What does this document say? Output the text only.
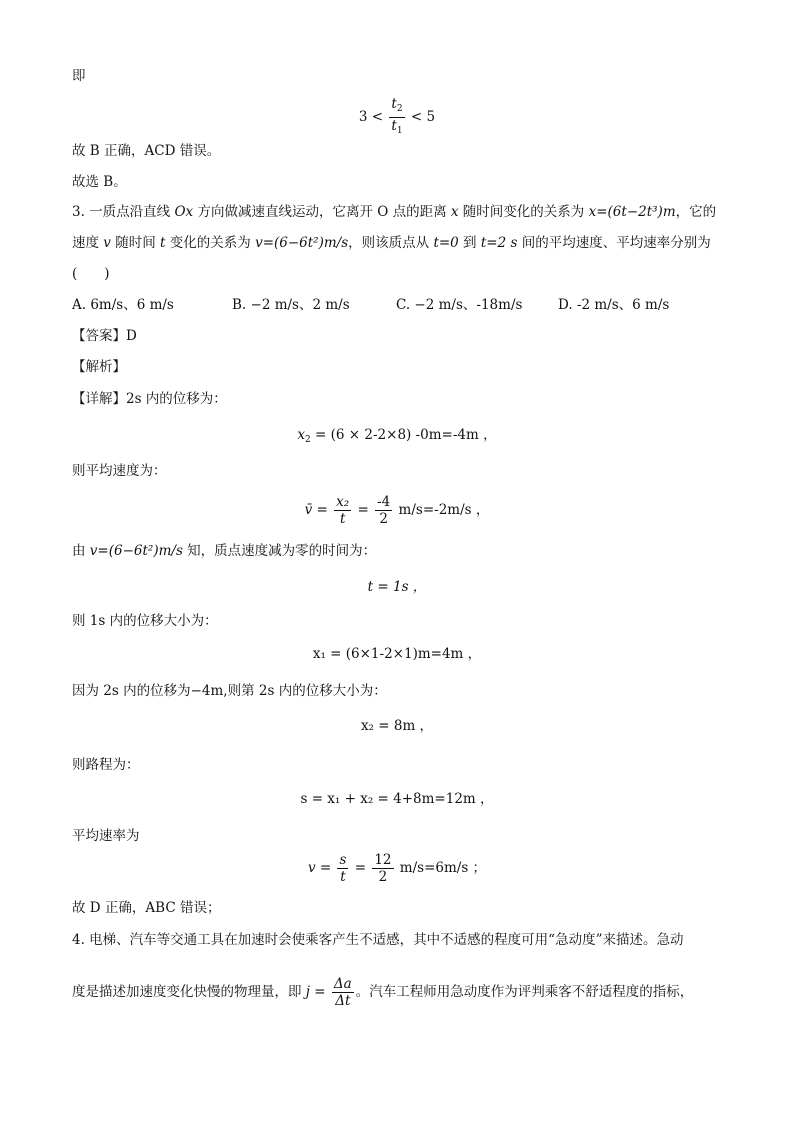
即
$3 < \frac{t_2}{t_1} < 5$
故 B 正确，ACD 错误。
故选 B。
3. 一质点沿直线 Ox 方向做减速直线运动，它离开 O 点的距离 x 随时间变化的关系为 x=(6t−2t³)m，它的
速度 v 随时间 t 变化的关系为 v=(6−6t²)m/s，则该质点从 t=0 到 t=2 s 间的平均速度、平均速率分别为
(　　)
A. 6m/s、6 m/s	B. −2 m/s、2 m/s	C. −2 m/s、-18m/s	D. -2 m/s、6 m/s
【答案】D
【解析】
【详解】2s 内的位移为：
$x_2 = (6 \times 2-2\times 8)$ -0m=-4m ，
则平均速度为：
v̄ = $\frac{\text{x₂}}{t} = \frac{-4}{2} m/s=-2m/s$ ，
由 v=(6−6t²)m/s 知，质点速度减为零的时间为：
t = 1s ，
则 1s 内的位移大小为：
x₁ = (6×1-2×1)m=4m ，
因为 2s 内的位移为−4m,则第 2s 内的位移大小为：
x₂ = 8m ，
则路程为：
s = x₁ + x₂ = 4+8m=12m ，
平均速率为
$v = \frac{s}{t} = \frac{12}{2} m/s=6m/s$ ；
故 D 正确，ABC 错误；
4. 电梯、汽车等交通工具在加速时会使乘客产生不适感，其中不适感的程度可用“急动度”来描述。急动
度是描述加速度变化快慢的物理量，即 $j = \frac{\Delta a}{\Delta t}$ 。汽车工程师用急动度作为评判乘客不舒适程度的指标，
